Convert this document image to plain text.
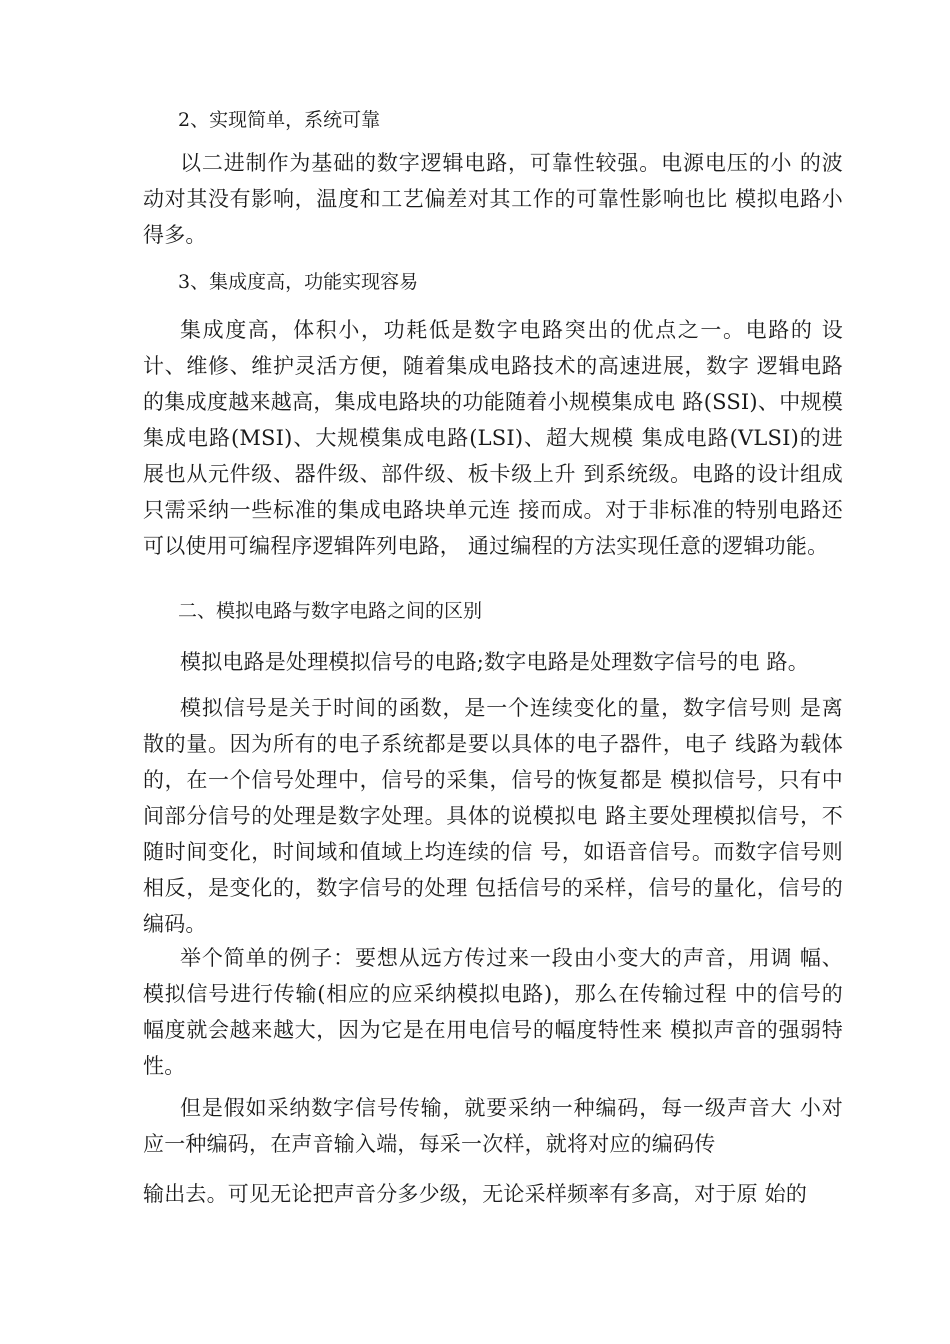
2、实现简单，系统可靠
以二进制作为基础的数字逻辑电路，可靠性较强。电源电压的小 的波动对其没有影响，温度和工艺偏差对其工作的可靠性影响也比 模拟电路小得多。
3、集成度高，功能实现容易
集成度高，体积小，功耗低是数字电路突出的优点之一。电路的 设计、维修、维护灵活方便，随着集成电路技术的高速进展，数字 逻辑电路的集成度越来越高，集成电路块的功能随着小规模集成电 路(SSI)、中规模集成电路(MSI)、大规模集成电路(LSI)、超大规模 集成电路(VLSI)的进展也从元件级、器件级、部件级、板卡级上升 到系统级。电路的设计组成只需采纳一些标准的集成电路块单元连 接而成。对于非标准的特别电路还可以使用可编程序逻辑阵列电路， 通过编程的方法实现任意的逻辑功能。
二、模拟电路与数字电路之间的区别
模拟电路是处理模拟信号的电路;数字电路是处理数字信号的电 路。
模拟信号是关于时间的函数，是一个连续变化的量，数字信号则 是离散的量。因为所有的电子系统都是要以具体的电子器件，电子 线路为载体的，在一个信号处理中，信号的采集，信号的恢复都是 模拟信号，只有中间部分信号的处理是数字处理。具体的说模拟电 路主要处理模拟信号，不随时间变化，时间域和值域上均连续的信 号，如语音信号。而数字信号则相反，是变化的，数字信号的处理 包括信号的采样，信号的量化，信号的编码。
举个简单的例子：要想从远方传过来一段由小变大的声音，用调 幅、模拟信号进行传输(相应的应采纳模拟电路)，那么在传输过程 中的信号的幅度就会越来越大，因为它是在用电信号的幅度特性来 模拟声音的强弱特性。
但是假如采纳数字信号传输，就要采纳一种编码，每一级声音大 小对应一种编码，在声音输入端，每采一次样，就将对应的编码传
输出去。可见无论把声音分多少级，无论采样频率有多高，对于原 始的
